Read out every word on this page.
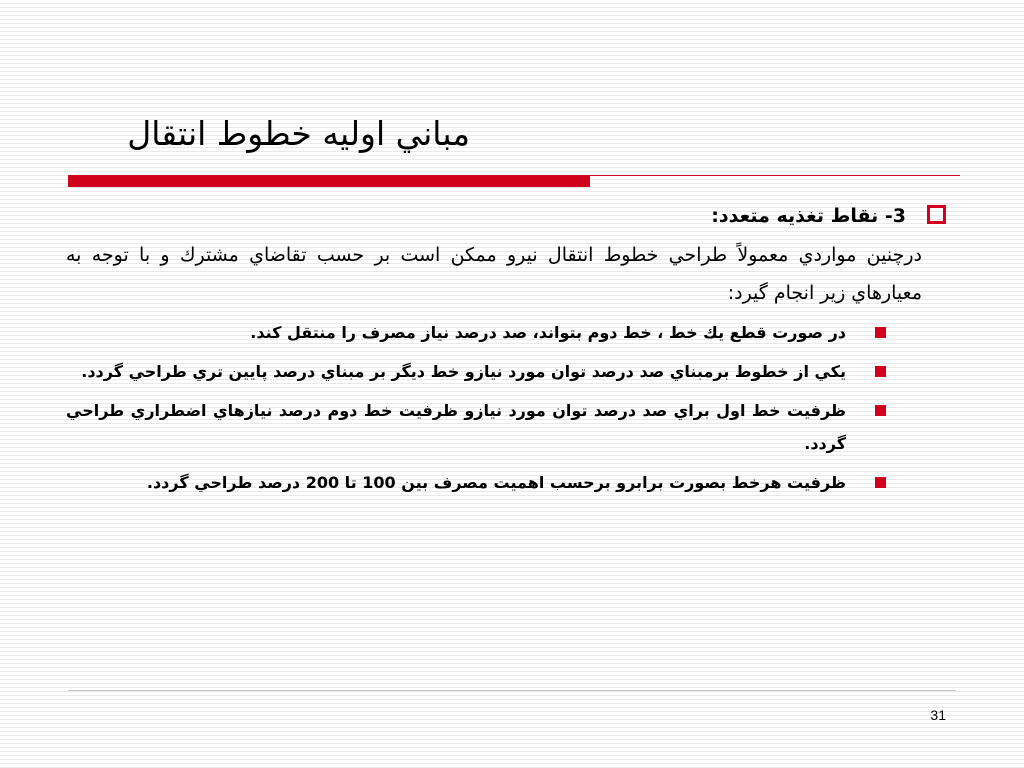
مباني اوليه خطوط انتقال
3- نقاط تغذيه متعدد:

درچنين مواردي معمولاً طراحي خطوط انتقال نيرو ممكن است بر حسب تقاضاي مشترك و با توجه به معيارهاي زير انجام گيرد:

در صورت قطع يك خط ، خط دوم بتواند، صد درصد نياز مصرف را منتقل كند.
يكي از خطوط برمبناي صد درصد توان مورد نيازو خط ديگر بر مبناي درصد پايين تري طراحي گردد.
ظرفيت خط اول براي صد درصد توان مورد نيازو ظرفيت خط دوم درصد نيازهاي اضطراري طراحي گردد.
ظرفيت هرخط بصورت برابرو برحسب اهميت مصرف بين 100 تا 200 درصد طراحي گردد.
31
